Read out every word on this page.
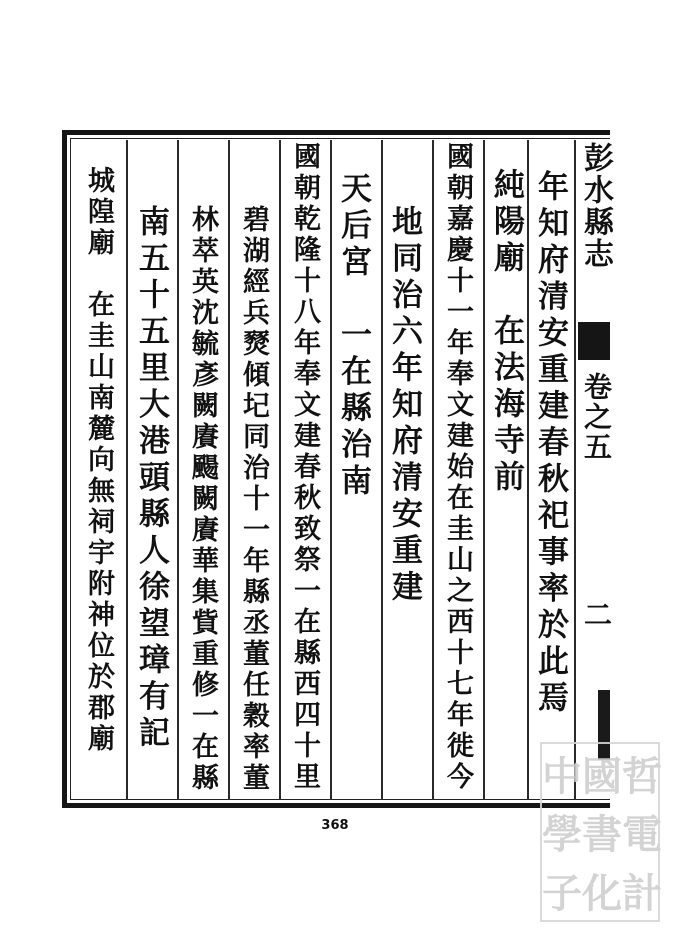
彭水縣志
卷之五
二
年知府清安重建春秋祀事率於此焉
純陽廟　在法海寺前
國朝嘉慶十一年奉文建始在圭山之西十七年徙今
地同治六年知府清安重建
天后宮　一在縣治南
國朝乾隆十八年奉文建春秋致祭一在縣西四十里
碧湖經兵燹傾圮同治十一年縣丞董任穀率董
林萃英沈毓彥闕賡颺闕賡華集貲重修一在縣
南五十五里大港頭縣人徐望璋有記
城隍廟　在圭山南麓向無祠宇附神位於郡廟
368
中 國 哲
學 書 電
子 化 計
